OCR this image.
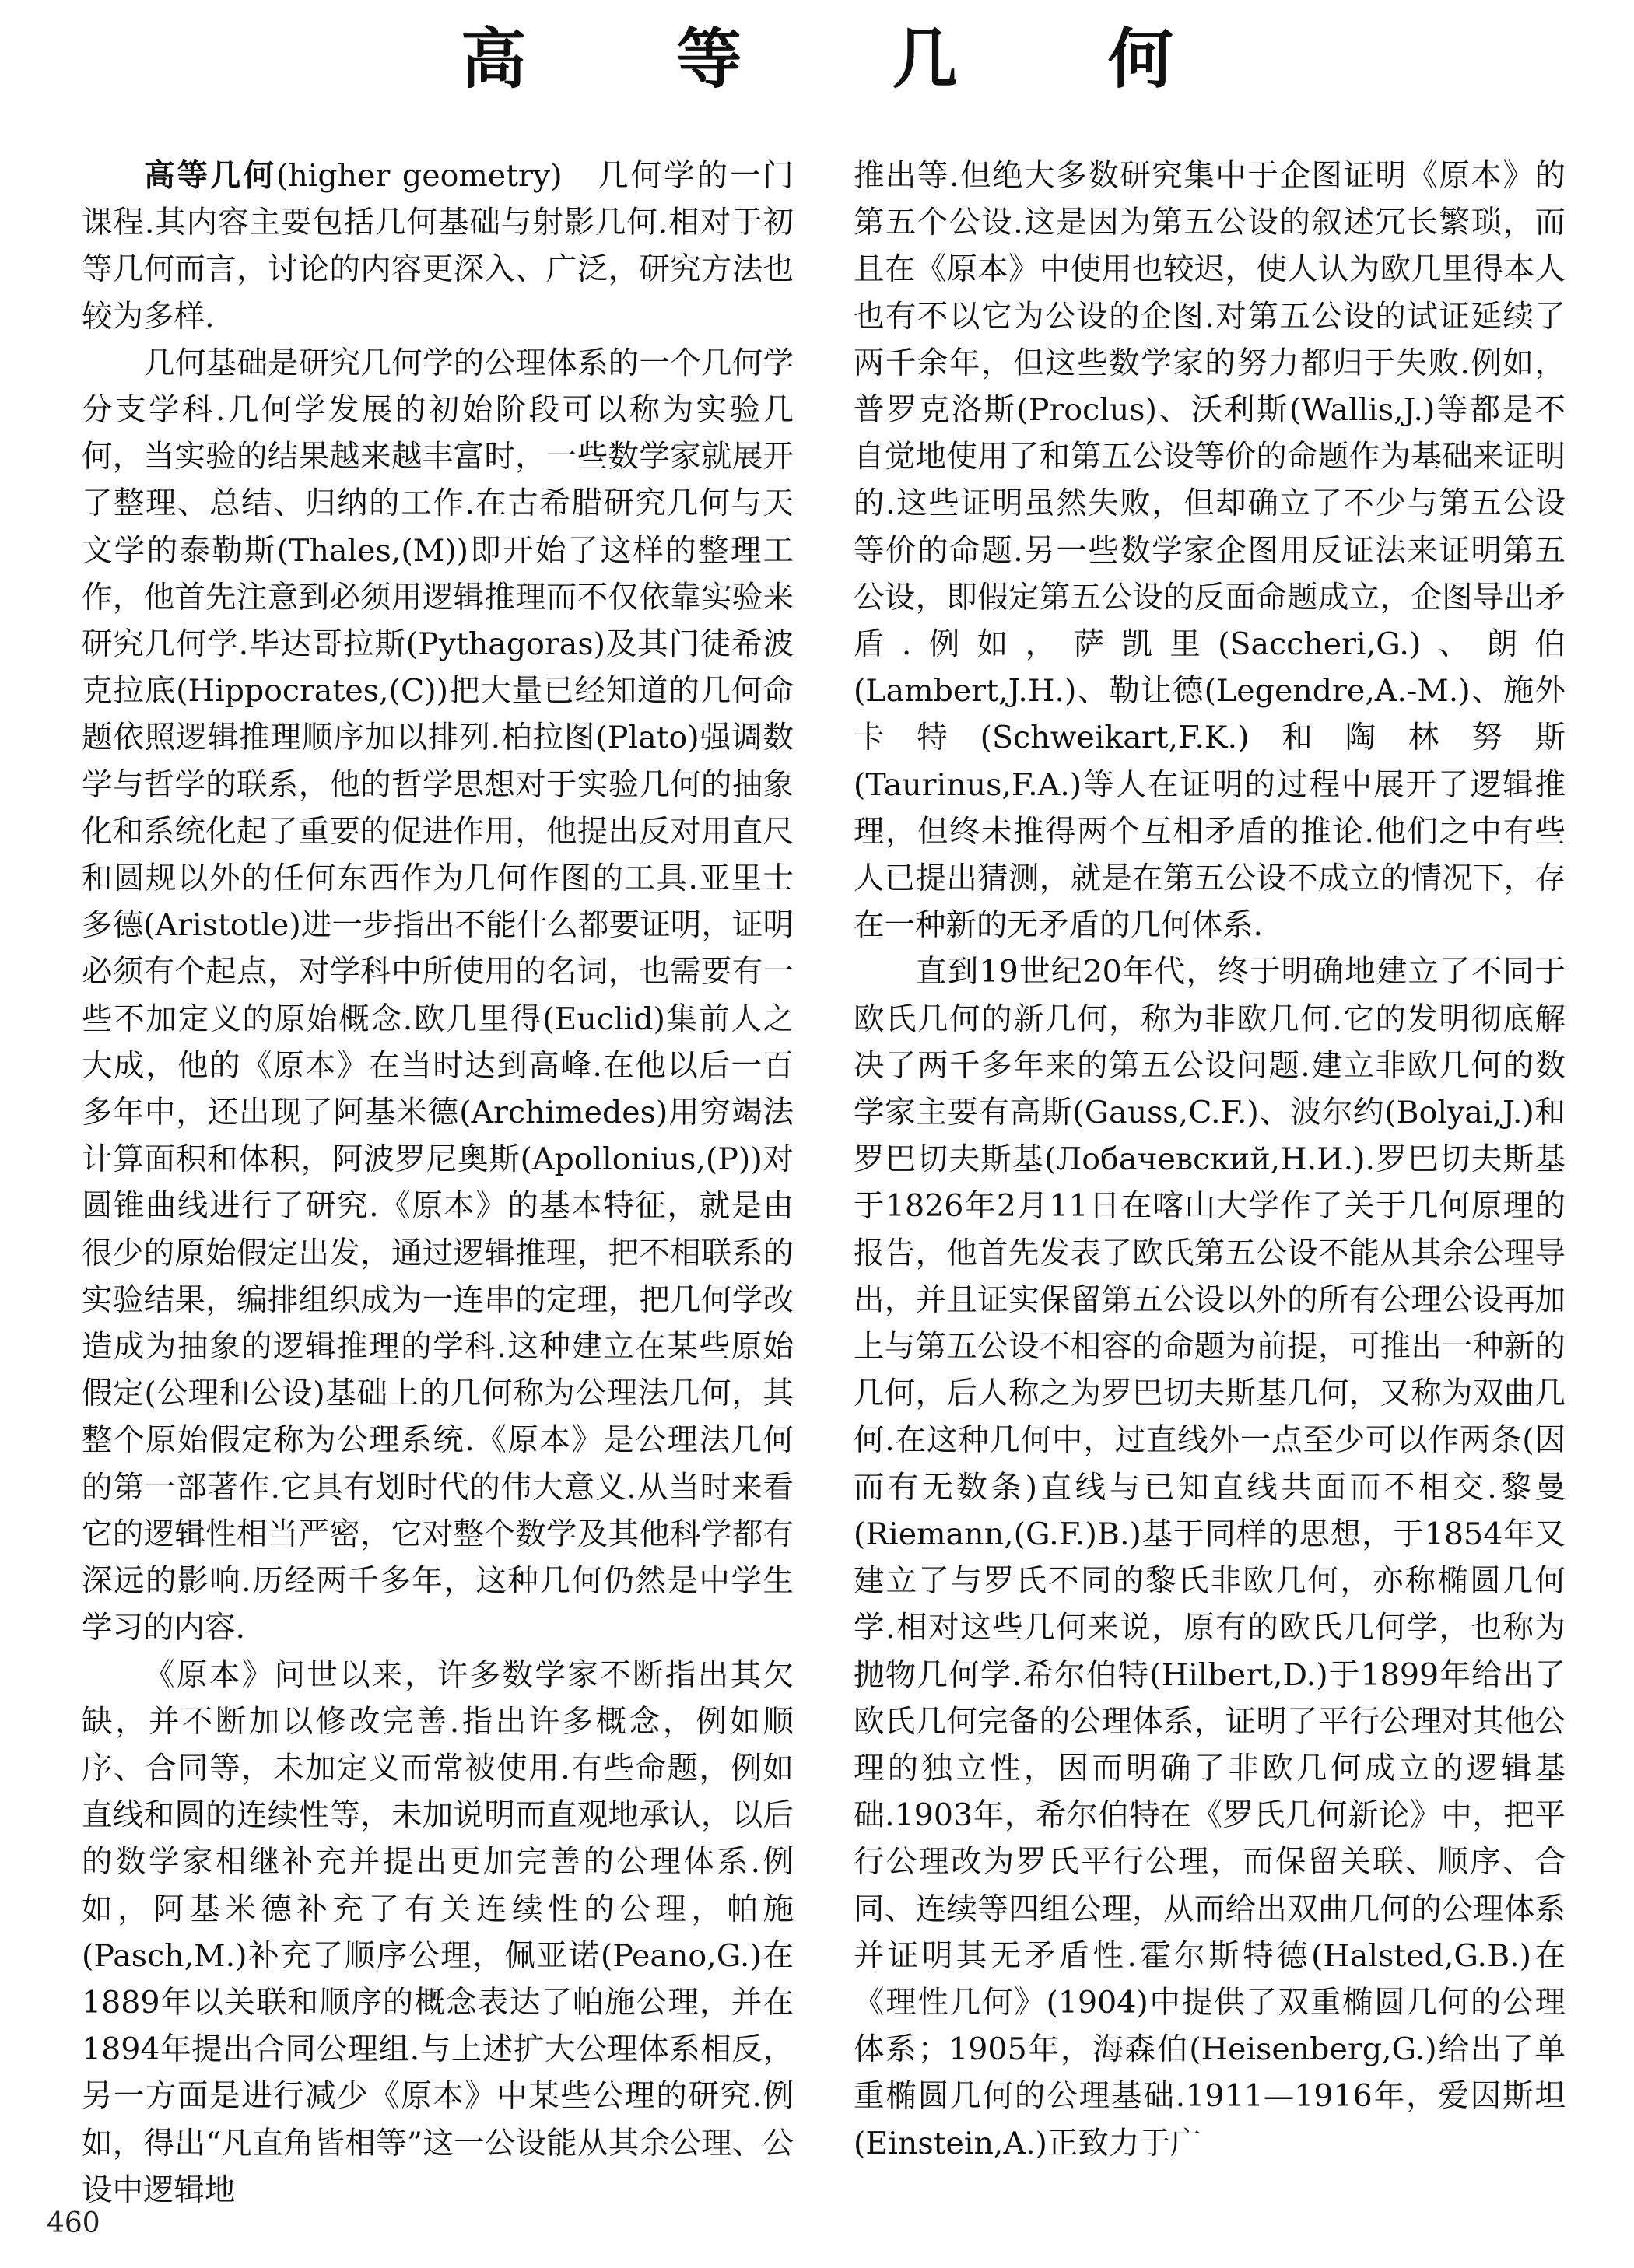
高 等 几 何

高等几何(higher geometry)　几何学的一门课程.其内容主要包括几何基础与射影几何.相对于初等几何而言，讨论的内容更深入、广泛，研究方法也较为多样.

几何基础是研究几何学的公理体系的一个几何学分支学科.几何学发展的初始阶段可以称为实验几何，当实验的结果越来越丰富时，一些数学家就展开了整理、总结、归纳的工作.在古希腊研究几何与天文学的泰勒斯(Thales,(M))即开始了这样的整理工作，他首先注意到必须用逻辑推理而不仅依靠实验来研究几何学.毕达哥拉斯(Pythagoras)及其门徒希波克拉底(Hippocrates,(C))把大量已经知道的几何命题依照逻辑推理顺序加以排列.柏拉图(Plato)强调数学与哲学的联系，他的哲学思想对于实验几何的抽象化和系统化起了重要的促进作用，他提出反对用直尺和圆规以外的任何东西作为几何作图的工具.亚里士多德(Aristotle)进一步指出不能什么都要证明，证明必须有个起点，对学科中所使用的名词，也需要有一些不加定义的原始概念.欧几里得(Euclid)集前人之大成，他的《原本》在当时达到高峰.在他以后一百多年中，还出现了阿基米德(Archimedes)用穷竭法计算面积和体积，阿波罗尼奥斯(Apollonius,(P))对圆锥曲线进行了研究.《原本》的基本特征，就是由很少的原始假定出发，通过逻辑推理，把不相联系的实验结果，编排组织成为一连串的定理，把几何学改造成为抽象的逻辑推理的学科.这种建立在某些原始假定(公理和公设)基础上的几何称为公理法几何，其整个原始假定称为公理系统.《原本》是公理法几何的第一部著作.它具有划时代的伟大意义.从当时来看它的逻辑性相当严密，它对整个数学及其他科学都有深远的影响.历经两千多年，这种几何仍然是中学生学习的内容.

《原本》问世以来，许多数学家不断指出其欠缺，并不断加以修改完善.指出许多概念，例如顺序、合同等，未加定义而常被使用.有些命题，例如直线和圆的连续性等，未加说明而直观地承认，以后的数学家相继补充并提出更加完善的公理体系.例如，阿基米德补充了有关连续性的公理，帕施(Pasch,M.)补充了顺序公理，佩亚诺(Peano,G.)在1889年以关联和顺序的概念表达了帕施公理，并在1894年提出合同公理组.与上述扩大公理体系相反，另一方面是进行减少《原本》中某些公理的研究.例如，得出“凡直角皆相等”这一公设能从其余公理、公设中逻辑地

推出等.但绝大多数研究集中于企图证明《原本》的第五个公设.这是因为第五公设的叙述冗长繁琐，而且在《原本》中使用也较迟，使人认为欧几里得本人也有不以它为公设的企图.对第五公设的试证延续了两千余年，但这些数学家的努力都归于失败.例如，普罗克洛斯(Proclus)、沃利斯(Wallis,J.)等都是不自觉地使用了和第五公设等价的命题作为基础来证明的.这些证明虽然失败，但却确立了不少与第五公设等价的命题.另一些数学家企图用反证法来证明第五公设，即假定第五公设的反面命题成立，企图导出矛盾.例如，萨凯里(Saccheri,G.)、朗伯(Lambert,J.H.)、勒让德(Legendre,A.-M.)、施外卡特(Schweikart,F.K.)和陶林努斯(Taurinus,F.A.)等人在证明的过程中展开了逻辑推理，但终未推得两个互相矛盾的推论.他们之中有些人已提出猜测，就是在第五公设不成立的情况下，存在一种新的无矛盾的几何体系.

直到19世纪20年代，终于明确地建立了不同于欧氏几何的新几何，称为非欧几何.它的发明彻底解决了两千多年来的第五公设问题.建立非欧几何的数学家主要有高斯(Gauss,C.F.)、波尔约(Bolyai,J.)和罗巴切夫斯基(Лобачевский,Н.И.).罗巴切夫斯基于1826年2月11日在喀山大学作了关于几何原理的报告，他首先发表了欧氏第五公设不能从其余公理导出，并且证实保留第五公设以外的所有公理公设再加上与第五公设不相容的命题为前提，可推出一种新的几何，后人称之为罗巴切夫斯基几何，又称为双曲几何.在这种几何中，过直线外一点至少可以作两条(因而有无数条)直线与已知直线共面而不相交.黎曼(Riemann,(G.F.)B.)基于同样的思想，于1854年又建立了与罗氏不同的黎氏非欧几何，亦称椭圆几何学.相对这些几何来说，原有的欧氏几何学，也称为抛物几何学.希尔伯特(Hilbert,D.)于1899年给出了欧氏几何完备的公理体系，证明了平行公理对其他公理的独立性，因而明确了非欧几何成立的逻辑基础.1903年，希尔伯特在《罗氏几何新论》中，把平行公理改为罗氏平行公理，而保留关联、顺序、合同、连续等四组公理，从而给出双曲几何的公理体系并证明其无矛盾性.霍尔斯特德(Halsted,G.B.)在《理性几何》(1904)中提供了双重椭圆几何的公理体系；1905年，海森伯(Heisenberg,G.)给出了单重椭圆几何的公理基础.1911—1916年，爱因斯坦(Einstein,A.)正致力于广

460
